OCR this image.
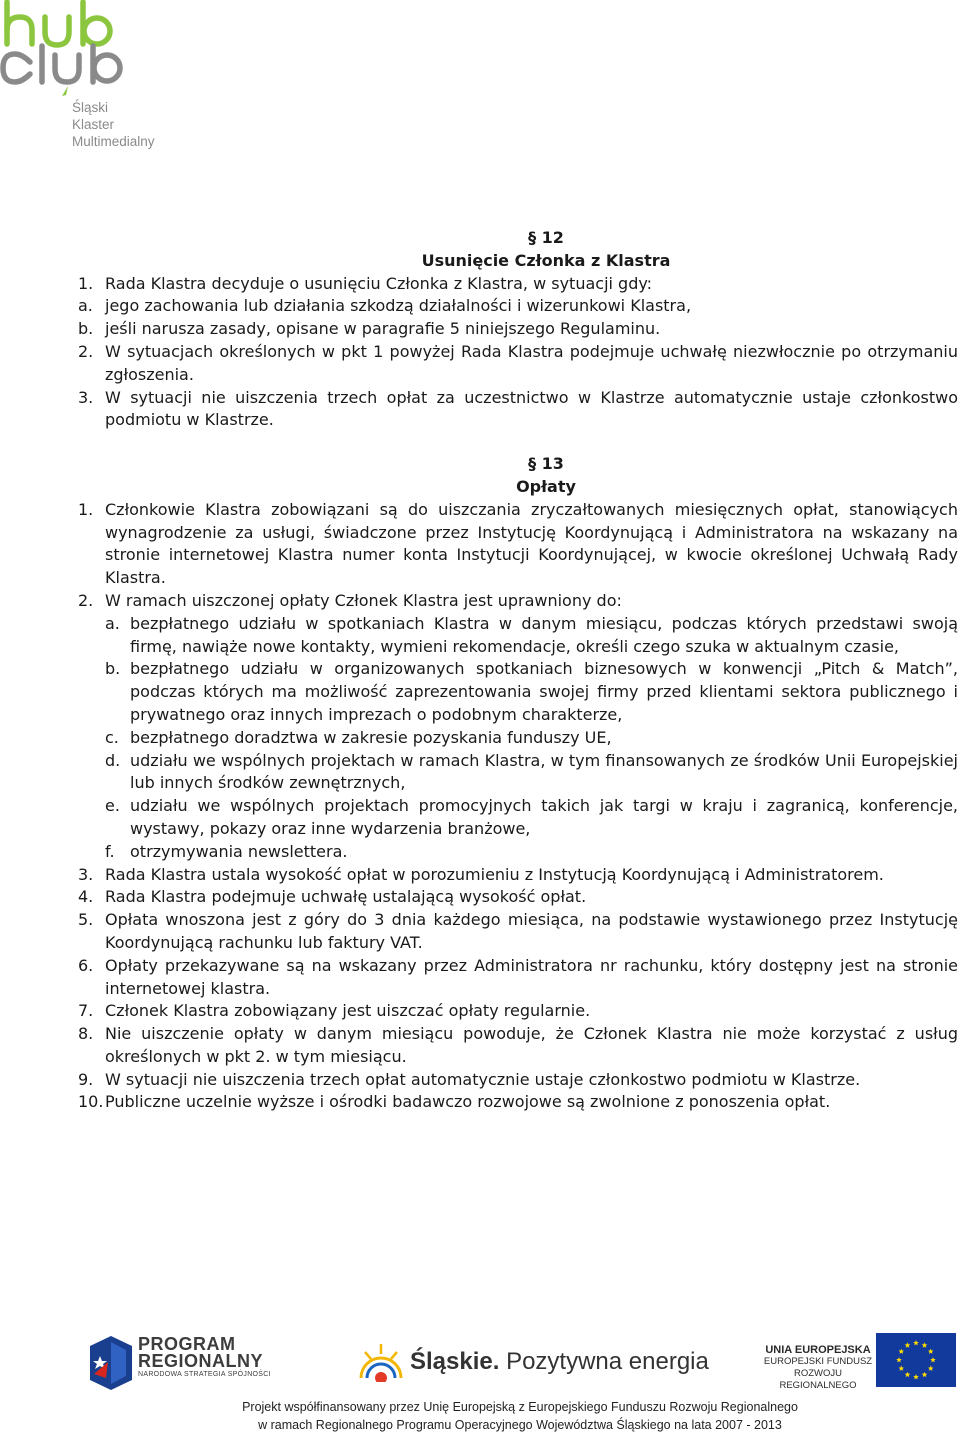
Śląski
Klaster
Multimedialny
§ 12
Usunięcie Członka z Klastra
1. Rada Klastra decyduje o usunięciu Członka z Klastra, w sytuacji gdy:
a. jego zachowania lub działania szkodzą działalności i wizerunkowi Klastra,
b. jeśli narusza zasady, opisane w paragrafie 5 niniejszego Regulaminu.
2. W sytuacjach określonych w pkt 1 powyżej Rada Klastra podejmuje uchwałę niezwłocznie po otrzymaniu zgłoszenia.
3. W sytuacji nie uiszczenia trzech opłat za uczestnictwo w Klastrze automatycznie ustaje członkostwo podmiotu w Klastrze.
§ 13
Opłaty
1. Członkowie Klastra zobowiązani są do uiszczania zryczałtowanych miesięcznych opłat, stanowiących wynagrodzenie za usługi, świadczone przez Instytucję Koordynującą i Administratora na wskazany na stronie internetowej Klastra numer konta Instytucji Koordynującej, w kwocie określonej Uchwałą Rady Klastra.
2. W ramach uiszczonej opłaty Członek Klastra jest uprawniony do:
a. bezpłatnego udziału w spotkaniach Klastra w danym miesiącu, podczas których przedstawi swoją firmę, nawiąże nowe kontakty, wymieni rekomendacje, określi czego szuka w aktualnym czasie,
b. bezpłatnego udziału w organizowanych spotkaniach biznesowych w konwencji „Pitch & Match”, podczas których ma możliwość zaprezentowania swojej firmy przed klientami sektora publicznego i prywatnego oraz innych imprezach o podobnym charakterze,
c. bezpłatnego doradztwa w zakresie pozyskania funduszy UE,
d. udziału we wspólnych projektach w ramach Klastra, w tym finansowanych ze środków Unii Europejskiej lub innych środków zewnętrznych,
e. udziału we wspólnych projektach promocyjnych takich jak targi w kraju i zagranicą, konferencje, wystawy, pokazy oraz inne wydarzenia branżowe,
f. otrzymywania newslettera.
3. Rada Klastra ustala wysokość opłat w porozumieniu z Instytucją Koordynującą i Administratorem.
4. Rada Klastra podejmuje uchwałę ustalającą wysokość opłat.
5. Opłata wnoszona jest z góry do 3 dnia każdego miesiąca, na podstawie wystawionego przez Instytucję Koordynującą rachunku lub faktury VAT.
6. Opłaty przekazywane są na wskazany przez Administratora nr rachunku, który dostępny jest na stronie internetowej klastra.
7. Członek Klastra zobowiązany jest uiszczać opłaty regularnie.
8. Nie uiszczenie opłaty w danym miesiącu powoduje, że Członek Klastra nie może korzystać z usług określonych w pkt 2. w tym miesiącu.
9. W sytuacji nie uiszczenia trzech opłat automatycznie ustaje członkostwo podmiotu w Klastrze.
10. Publiczne uczelnie wyższe i ośrodki badawczo rozwojowe są zwolnione z ponoszenia opłat.
PROGRAM
REGIONALNY
NARODOWA STRATEGIA SPÓJNOŚCI	Śląskie. Pozytywna energia	UNIA EUROPEJSKA
EUROPEJSKI FUNDUSZ
ROZWOJU REGIONALNEGO
Projekt współfinansowany przez Unię Europejską z Europejskiego Funduszu Rozwoju Regionalnego
w ramach Regionalnego Programu Operacyjnego Województwa Śląskiego na lata 2007 - 2013
